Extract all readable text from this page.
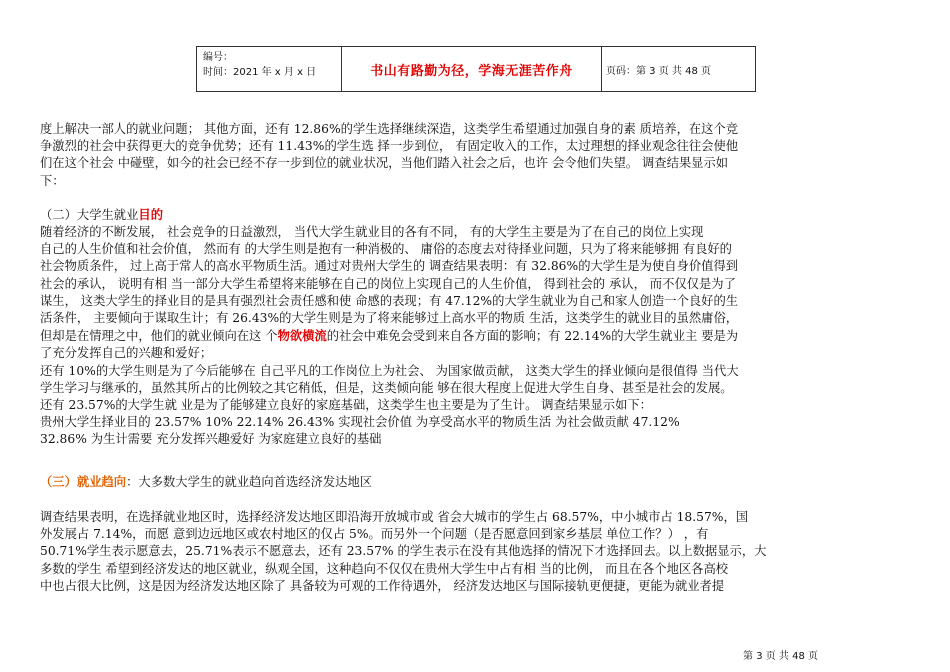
编号：
时间：2021 年 x 月 x 日	书山有路勤为径，学海无涯苦作舟	页码：第 3 页 共 48 页
度上解决一部人的就业问题； 其他方面，还有 12.86%的学生选择继续深造，这类学生希望通过加强自身的素 质培养，在这个竞
争激烈的社会中获得更大的竞争优势；还有 11.43%的学生选 择一步到位， 有固定收入的工作，太过理想的择业观念往往会使他
们在这个社会 中碰壁，如今的社会已经不存一步到位的就业状况，当他们踏入社会之后，也许 会令他们失望。 调查结果显示如
下：
（二）大学生就业目的
随着经济的不断发展， 社会竞争的日益激烈， 当代大学生就业目的各有不同， 有的大学生主要是为了在自己的岗位上实现
自己的人生价值和社会价值， 然而有 的大学生则是抱有一种消极的、 庸俗的态度去对待择业问题，只为了将来能够拥 有良好的
社会物质条件， 过上高于常人的高水平物质生活。通过对贵州大学生的 调查结果表明：有 32.86%的大学生是为使自身价值得到
社会的承认， 说明有相 当一部分大学生希望将来能够在自己的岗位上实现自己的人生价值， 得到社会的 承认， 而不仅仅是为了
谋生， 这类大学生的择业目的是具有强烈社会责任感和使 命感的表现；有 47.12%的大学生就业为自己和家人创造一个良好的生
活条件， 主要倾向于谋取生计；有 26.43%的大学生则是为了将来能够过上高水平的物质 生活，这类学生的就业目的虽然庸俗，
但却是在情理之中，他们的就业倾向在这 个物欲横流的社会中难免会受到来自各方面的影响；有 22.14%的大学生就业主 要是为
了充分发挥自己的兴趣和爱好；
还有 10%的大学生则是为了今后能够在 自己平凡的工作岗位上为社会、 为国家做贡献， 这类大学生的择业倾向是很值得 当代大
学生学习与继承的，虽然其所占的比例较之其它稍低，但是，这类倾向能 够在很大程度上促进大学生自身、甚至是社会的发展。
还有 23.57%的大学生就 业是为了能够建立良好的家庭基础，这类学生也主要是为了生计。 调查结果显示如下：
贵州大学生择业目的 23.57% 10% 22.14% 26.43% 实现社会价值 为享受高水平的物质生活 为社会做贡献 47.12%
32.86% 为生计需要 充分发挥兴趣爱好 为家庭建立良好的基础
（三）就业趋向：大多数大学生的就业趋向首选经济发达地区
调查结果表明，在选择就业地区时，选择经济发达地区即沿海开放城市或 省会大城市的学生占 68.57%，中小城市占 18.57%，国
外发展占 7.14%，而愿 意到边远地区或农村地区的仅占 5%。而另外一个问题（是否愿意回到家乡基层 单位工作？） ，有
50.71%学生表示愿意去，25.71%表示不愿意去，还有 23.57% 的学生表示在没有其他选择的情况下才选择回去。以上数据显示，大
多数的学生 希望到经济发达的地区就业，纵观全国，这种趋向不仅仅在贵州大学生中占有相 当的比例， 而且在各个地区各高校
中也占很大比例，这是因为经济发达地区除了 具备较为可观的工作待遇外， 经济发达地区与国际接轨更便捷，更能为就业者提
第 3 页 共 48 页
